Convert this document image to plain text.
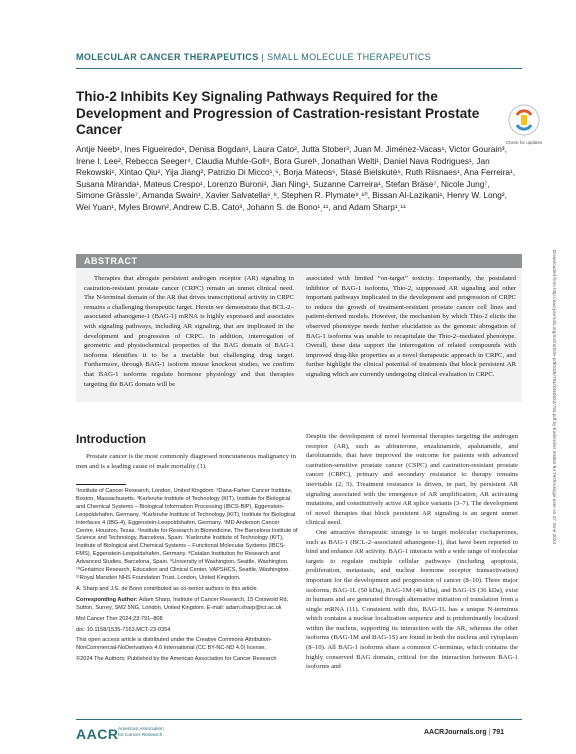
MOLECULAR CANCER THERAPEUTICS | SMALL MOLECULE THERAPEUTICS
Thio-2 Inhibits Key Signaling Pathways Required for the Development and Progression of Castration-resistant Prostate Cancer
Check for updates
Antje Neeb¹, Ines Figueiredo¹, Denisa Bogdan¹, Laura Cato², Jutta Stober³, Juan M. Jiménez-Vacas¹, Victor Gourain³, Irene I. Lee², Rebecca Seeger⁴, Claudia Muhle-Goll⁴, Bora Gurel¹, Jonathan Welti¹, Daniel Nava Rodrigues¹, Jan Rekowski¹, Xintao Qiu², Yija Jiang², Patrizio Di Micco¹ˎ⁵, Borja Mateos⁶, Stasé Bielskutė⁶, Ruth Riisnaes¹, Ana Ferreira¹, Susana Miranda¹, Mateus Crespo¹, Lorenzo Buroni¹, Jian Ning¹, Suzanne Carreira¹, Stefan Bräse⁷, Nicole Jung⁷, Simone Grässle⁷, Amanda Swain¹, Xavier Salvatella⁶ˎ⁸, Stephen R. Plymate⁹ˎ¹⁰, Bissan Al-Lazikani¹, Henry W. Long², Wei Yuan¹, Myles Brown², Andrew C.B. Cato³, Johann S. de Bono¹ˎ¹¹, and Adam Sharp¹ˎ¹¹
Downloaded from http://aacrjournals.org/mct/article-pdf/23/6/791/3440624/791.pdf by Karlsruher Institut fur Technologie user on 17 June 2024
ABSTRACT
Therapies that abrogate persistent androgen receptor (AR) signaling in castration-resistant prostate cancer (CRPC) remain an unmet clinical need. The N-terminal domain of the AR that drives transcriptional activity in CRPC remains a challenging therapeutic target. Herein we demonstrate that BCL-2–associated athanogene-1 (BAG-1) mRNA is highly expressed and associates with signaling pathways, including AR signaling, that are implicated in the development and progression of CRPC. In addition, interrogation of geometric and physiochemical properties of the BAG domain of BAG-1 isoforms identifies it to be a tractable but challenging drug target. Furthermore, through BAG-1 isoform mouse knockout studies, we confirm that BAG-1 isoforms regulate hormone physiology and that therapies targeting the BAG domain will be
associated with limited “on-target” toxicity. Importantly, the postulated inhibitor of BAG-1 isoforms, Thio-2, suppressed AR signaling and other important pathways implicated in the development and progression of CRPC to reduce the growth of treatment-resistant prostate cancer cell lines and patient-derived models. However, the mechanism by which Thio-2 elicits the observed phenotype needs further elucidation as the genomic abrogation of BAG-1 isoforms was unable to recapitulate the Thio-2–mediated phenotype. Overall, these data support the interrogation of related compounds with improved drug-like properties as a novel therapeutic approach in CRPC, and further highlight the clinical potential of treatments that block persistent AR signaling which are currently undergoing clinical evaluation in CRPC.
Introduction
Prostate cancer is the most commonly diagnosed noncutaneous malignancy in men and is a leading cause of male mortality (1).

¹Institute of Cancer Research, London, United Kingdom. ²Dana-Farber Cancer Institute, Boston, Massachusetts. ³Karlsruhe Institute of Technology (KIT), Institute for Biological and Chemical Systems – Biological Information Processing (IBCS-BIP), Eggenstein-Leopoldshafen, Germany. ⁴Karlsruhe Institute of Technology (KIT), Institute for Biological Interfaces 4 (IBG-4), Eggenstein-Leopoldshafen, Germany. ⁵MD Anderson Cancer Centre, Houston, Texas. ⁶Institute for Research in Biomedicine, The Barcelona Institute of Science and Technology, Barcelona, Spain. ⁷Karlsruhe Institute of Technology (KIT), Institute of Biological and Chemical Systems – Functional Molecular Systems (IBCS-FMS), Eggenstein-Leopoldshafen, Germany. ⁸Catalan Institution for Research and Advanced Studies, Barcelona, Spain. ⁹University of Washington, Seattle, Washington. ¹⁰Geriatrics Research, Education and Clinical Center, VAPSHCS, Seattle, Washington. ¹¹Royal Marsden NHS Foundation Trust, London, United Kingdom.

A. Sharp and J.S. de Bono contributed as co-senior authors to this article.

Corresponding Author: Adam Sharp, Institute of Cancer Research, 15 Cotswold Rd, Sutton, Surrey, SM2 5NG, London, United Kingdom. E-mail: adam.sharp@icr.ac.uk

Mol Cancer Ther 2024;23:791–808

doi: 10.1158/1535-7163.MCT-23-0354

This open access article is distributed under the Creative Commons Attribution-NonCommercial-NoDerivatives 4.0 International (CC BY-NC-ND 4.0) license.

©2024 The Authors; Published by the American Association for Cancer Research

Despite the development of novel hormonal therapies targeting the androgen receptor (AR), such as abiraterone, enzalutamide, apalutamide, and darolutamide, that have improved the outcome for patients with advanced castration-sensitive prostate cancer (CSPC) and castration-resistant prostate cancer (CRPC), primary and secondary resistance to therapy remains inevitable (2, 3). Treatment resistance is driven, in part, by persistent AR signaling associated with the emergence of AR amplification, AR activating mutations, and constitutively active AR splice variants (3–7). The development of novel therapies that block persistent AR signaling is an urgent unmet clinical need.

One attractive therapeutic strategy is to target molecular cochaperones, such as BAG-1 (BCL-2–associated athanogene-1), that have been reported to bind and enhance AR activity. BAG-1 interacts with a wide range of molecular targets to regulate multiple cellular pathways (including apoptosis, proliferation, metastasis, and nuclear hormone receptor transactivation) important for the development and progression of cancer (8–10). Three major isoforms, BAG-1L (50 kDa), BAG-1M (46 kDa), and BAG-1S (36 kDa), exist in humans and are generated through alternative initiation of translation from a single mRNA (11). Consistent with this, BAG-1L has a unique N-terminus which contains a nuclear localization sequence and is predominantly localized within the nucleus, supporting its interaction with the AR, whereas the other isoforms (BAG-1M and BAG-1S) are found in both the nucleus and cytoplasm (8–10). All BAG-1 isoforms share a common C-terminus, which contains the highly conserved BAG domain, critical for the interaction between BAG-1 isoforms and

AACR American Association
for Cancer Research	AACRJournals.org | 791
